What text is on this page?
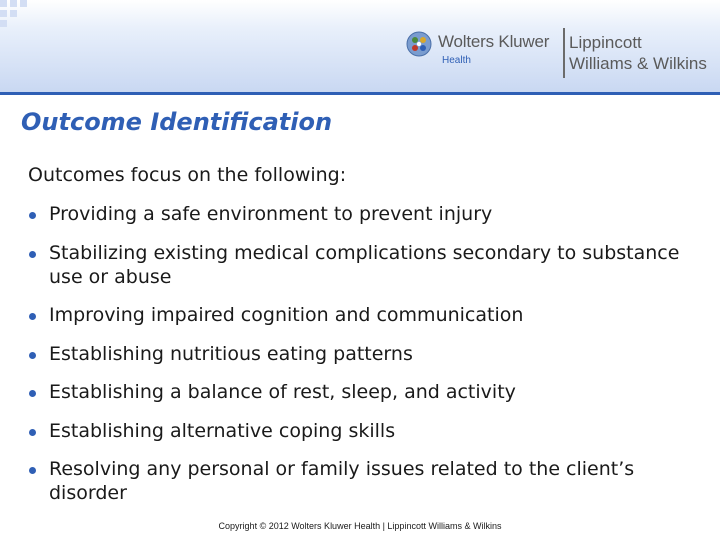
Wolters Kluwer
Health
Lippincott
Williams & Wilkins
Outcome Identification

Outcomes focus on the following:

Providing a safe environment to prevent injury
Stabilizing existing medical complications secondary to substance use or abuse
Improving impaired cognition and communication
Establishing nutritious eating patterns
Establishing a balance of rest, sleep, and activity
Establishing alternative coping skills
Resolving any personal or family issues related to the client’s disorder
Copyright © 2012 Wolters Kluwer Health | Lippincott Williams & Wilkins
